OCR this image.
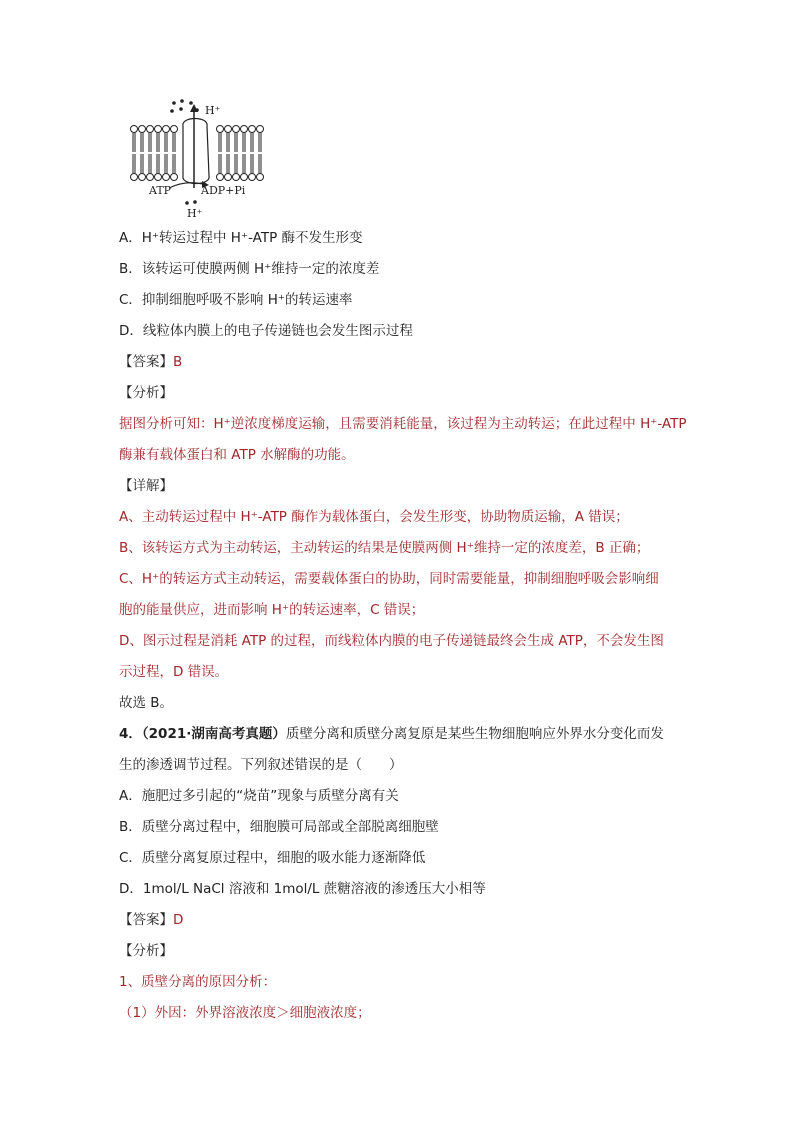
H⁺
ATP	ADP+Pi
H⁺
A．H⁺转运过程中 H⁺-ATP 酶不发生形变
B．该转运可使膜两侧 H⁺维持一定的浓度差
C．抑制细胞呼吸不影响 H⁺的转运速率
D．线粒体内膜上的电子传递链也会发生图示过程
【答案】B
【分析】
据图分析可知：H⁺逆浓度梯度运输，且需要消耗能量，该过程为主动转运；在此过程中 H⁺-ATP
酶兼有载体蛋白和 ATP 水解酶的功能。
【详解】
A、主动转运过程中 H⁺-ATP 酶作为载体蛋白，会发生形变，协助物质运输，A 错误；
B、该转运方式为主动转运，主动转运的结果是使膜两侧 H⁺维持一定的浓度差，B 正确；
C、H⁺的转运方式主动转运，需要载体蛋白的协助，同时需要能量，抑制细胞呼吸会影响细
胞的能量供应，进而影响 H⁺的转运速率，C 错误；
D、图示过程是消耗 ATP 的过程，而线粒体内膜的电子传递链最终会生成 ATP，不会发生图
示过程，D 错误。
故选 B。
4．（2021·湖南高考真题）质壁分离和质壁分离复原是某些生物细胞响应外界水分变化而发
生的渗透调节过程。下列叙述错误的是（　　）
A．施肥过多引起的“烧苗”现象与质壁分离有关
B．质壁分离过程中，细胞膜可局部或全部脱离细胞壁
C．质壁分离复原过程中，细胞的吸水能力逐渐降低
D．1mol/L NaCl 溶液和 1mol/L 蔗糖溶液的渗透压大小相等
【答案】D
【分析】
1、质壁分离的原因分析：
（1）外因：外界溶液浓度＞细胞液浓度；
